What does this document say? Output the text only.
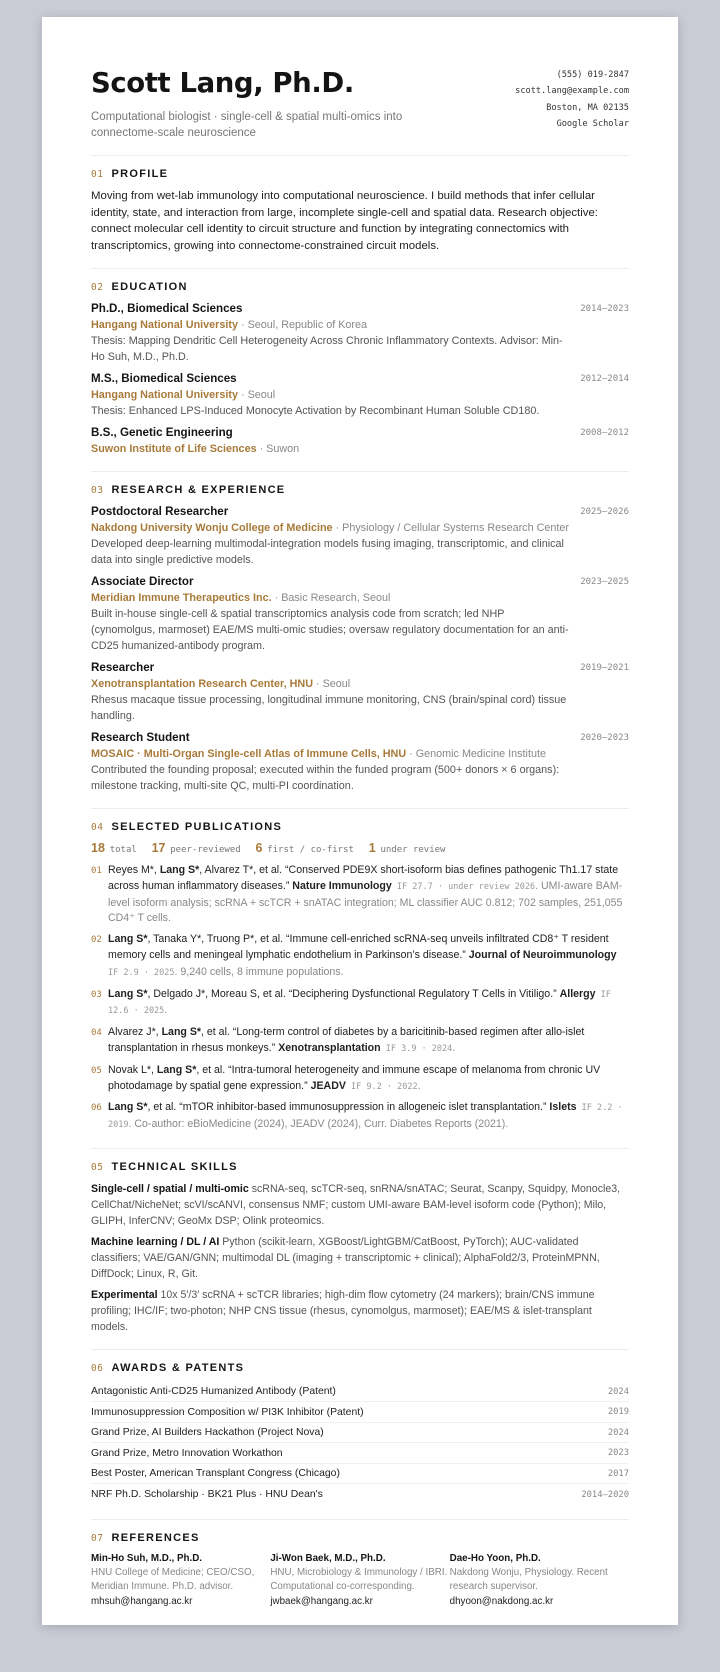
Scott Lang, Ph.D.
Computational biologist · single-cell & spatial multi-omics into connectome-scale neuroscience
(555) 019-2847
scott.lang@example.com
Boston, MA 02135
Google Scholar
01 PROFILE
Moving from wet-lab immunology into computational neuroscience. I build methods that infer cellular identity, state, and interaction from large, incomplete single-cell and spatial data. Research objective: connect molecular cell identity to circuit structure and function by integrating connectomics with transcriptomics, growing into connectome-constrained circuit models.
02 EDUCATION
Ph.D., Biomedical Sciences
Hangang National University · Seoul, Republic of Korea
Thesis: Mapping Dendritic Cell Heterogeneity Across Chronic Inflammatory Contexts. Advisor: Min-Ho Suh, M.D., Ph.D.
2014–2023
M.S., Biomedical Sciences
Hangang National University · Seoul
Thesis: Enhanced LPS-Induced Monocyte Activation by Recombinant Human Soluble CD180.
2012–2014
B.S., Genetic Engineering
Suwon Institute of Life Sciences · Suwon
2008–2012
03 RESEARCH & EXPERIENCE
Postdoctoral Researcher
Nakdong University Wonju College of Medicine · Physiology / Cellular Systems Research Center
Developed deep-learning multimodal-integration models fusing imaging, transcriptomic, and clinical data into single predictive models.
2025–2026
Associate Director
Meridian Immune Therapeutics Inc. · Basic Research, Seoul
Built in-house single-cell & spatial transcriptomics analysis code from scratch; led NHP (cynomolgus, marmoset) EAE/MS multi-omic studies; oversaw regulatory documentation for an anti-CD25 humanized-antibody program.
2023–2025
Researcher
Xenotransplantation Research Center, HNU · Seoul
Rhesus macaque tissue processing, longitudinal immune monitoring, CNS (brain/spinal cord) tissue handling.
2019–2021
Research Student
MOSAIC · Multi-Organ Single-cell Atlas of Immune Cells, HNU · Genomic Medicine Institute
Contributed the founding proposal; executed within the funded program (500+ donors × 6 organs): milestone tracking, multi-site QC, multi-PI coordination.
2020–2023
04 SELECTED PUBLICATIONS
18 total 17 peer-reviewed 6 first / co-first 1 under review
01 Reyes M*, Lang S*, Alvarez T*, et al. “Conserved PDE9X short-isoform bias defines pathogenic Th1.17 state across human inflammatory diseases.” Nature Immunology IF 27.7 · under review 2026. UMI-aware BAM-level isoform analysis; scRNA + scTCR + snATAC integration; ML classifier AUC 0.812; 702 samples, 251,055 CD4⁺ T cells.
02 Lang S*, Tanaka Y*, Truong P*, et al. “Immune cell-enriched scRNA-seq unveils infiltrated CD8⁺ T resident memory cells and meningeal lymphatic endothelium in Parkinson’s disease.” Journal of Neuroimmunology IF 2.9 · 2025. 9,240 cells, 8 immune populations.
03 Lang S*, Delgado J*, Moreau S, et al. “Deciphering Dysfunctional Regulatory T Cells in Vitiligo.” Allergy IF 12.6 · 2025.
04 Alvarez J*, Lang S*, et al. “Long-term control of diabetes by a baricitinib-based regimen after allo-islet transplantation in rhesus monkeys.” Xenotransplantation IF 3.9 · 2024.
05 Novak L*, Lang S*, et al. “Intra-tumoral heterogeneity and immune escape of melanoma from chronic UV photodamage by spatial gene expression.” JEADV IF 9.2 · 2022.
06 Lang S*, et al. “mTOR inhibitor-based immunosuppression in allogeneic islet transplantation.” Islets IF 2.2 · 2019. Co-author: eBioMedicine (2024), JEADV (2024), Curr. Diabetes Reports (2021).
05 TECHNICAL SKILLS
Single-cell / spatial / multi-omic scRNA-seq, scTCR-seq, snRNA/snATAC; Seurat, Scanpy, Squidpy, Monocle3, CellChat/NicheNet; scVI/scANVI, consensus NMF; custom UMI-aware BAM-level isoform code (Python); Milo, GLIPH, InferCNV; GeoMx DSP; Olink proteomics.
Machine learning / DL / AI Python (scikit-learn, XGBoost/LightGBM/CatBoost, PyTorch); AUC-validated classifiers; VAE/GAN/GNN; multimodal DL (imaging + transcriptomic + clinical); AlphaFold2/3, ProteinMPNN, DiffDock; Linux, R, Git.
Experimental 10x 5′/3′ scRNA + scTCR libraries; high-dim flow cytometry (24 markers); brain/CNS immune profiling; IHC/IF; two-photon; NHP CNS tissue (rhesus, cynomolgus, marmoset); EAE/MS & islet-transplant models.
06 AWARDS & PATENTS
Antagonistic Anti-CD25 Humanized Antibody (Patent)	2024
Immunosuppression Composition w/ PI3K Inhibitor (Patent)	2019
Grand Prize, AI Builders Hackathon (Project Nova)	2024
Grand Prize, Metro Innovation Workathon	2023
Best Poster, American Transplant Congress (Chicago)	2017
NRF Ph.D. Scholarship · BK21 Plus · HNU Dean's	2014–2020
07 REFERENCES
Min-Ho Suh, M.D., Ph.D.
HNU College of Medicine; CEO/CSO, Meridian Immune. Ph.D. advisor.
mhsuh@hangang.ac.kr
Ji-Won Baek, M.D., Ph.D.
HNU, Microbiology & Immunology / IBRI. Computational co-corresponding.
jwbaek@hangang.ac.kr
Dae-Ho Yoon, Ph.D.
Nakdong Wonju, Physiology. Recent research supervisor.
dhyoon@nakdong.ac.kr
